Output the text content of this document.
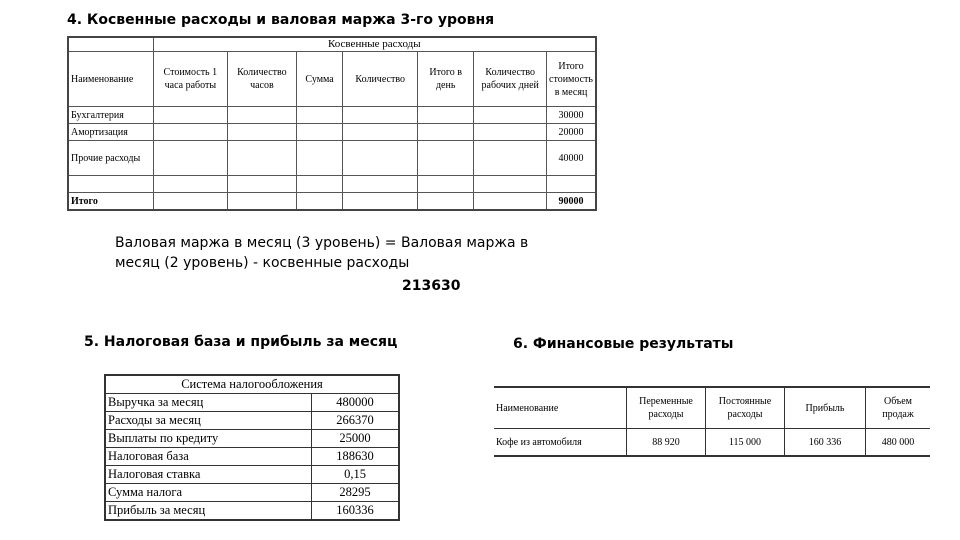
4. Косвенные расходы и валовая маржа 3-го уровня
	Косвенные расходы						
Наименование	Стоимость 1 часа работы	Количество часов	Сумма	Количество	Итого в день	Количество рабочих дней	Итого стоимость в месяц
Бухгалтерия							30000
Амортизация							20000
Прочие расходы							40000

Итого							90000
Валовая маржа в месяц (3 уровень) = Валовая маржа в месяц (2 уровень) - косвенные расходы
213630
5. Налоговая база и прибыль за месяц	6. Финансовые результаты
Система налогообложения	
Выручка за месяц	480000
Расходы за месяц	266370
Выплаты по кредиту	25000
Налоговая база	188630
Налоговая ставка	0,15
Сумма налога	28295
Прибыль за месяц	160336
Наименование	Переменные расходы	Постоянные расходы	Прибыль	Объем продаж
Кофе из автомобиля	88 920	115 000	160 336	480 000
